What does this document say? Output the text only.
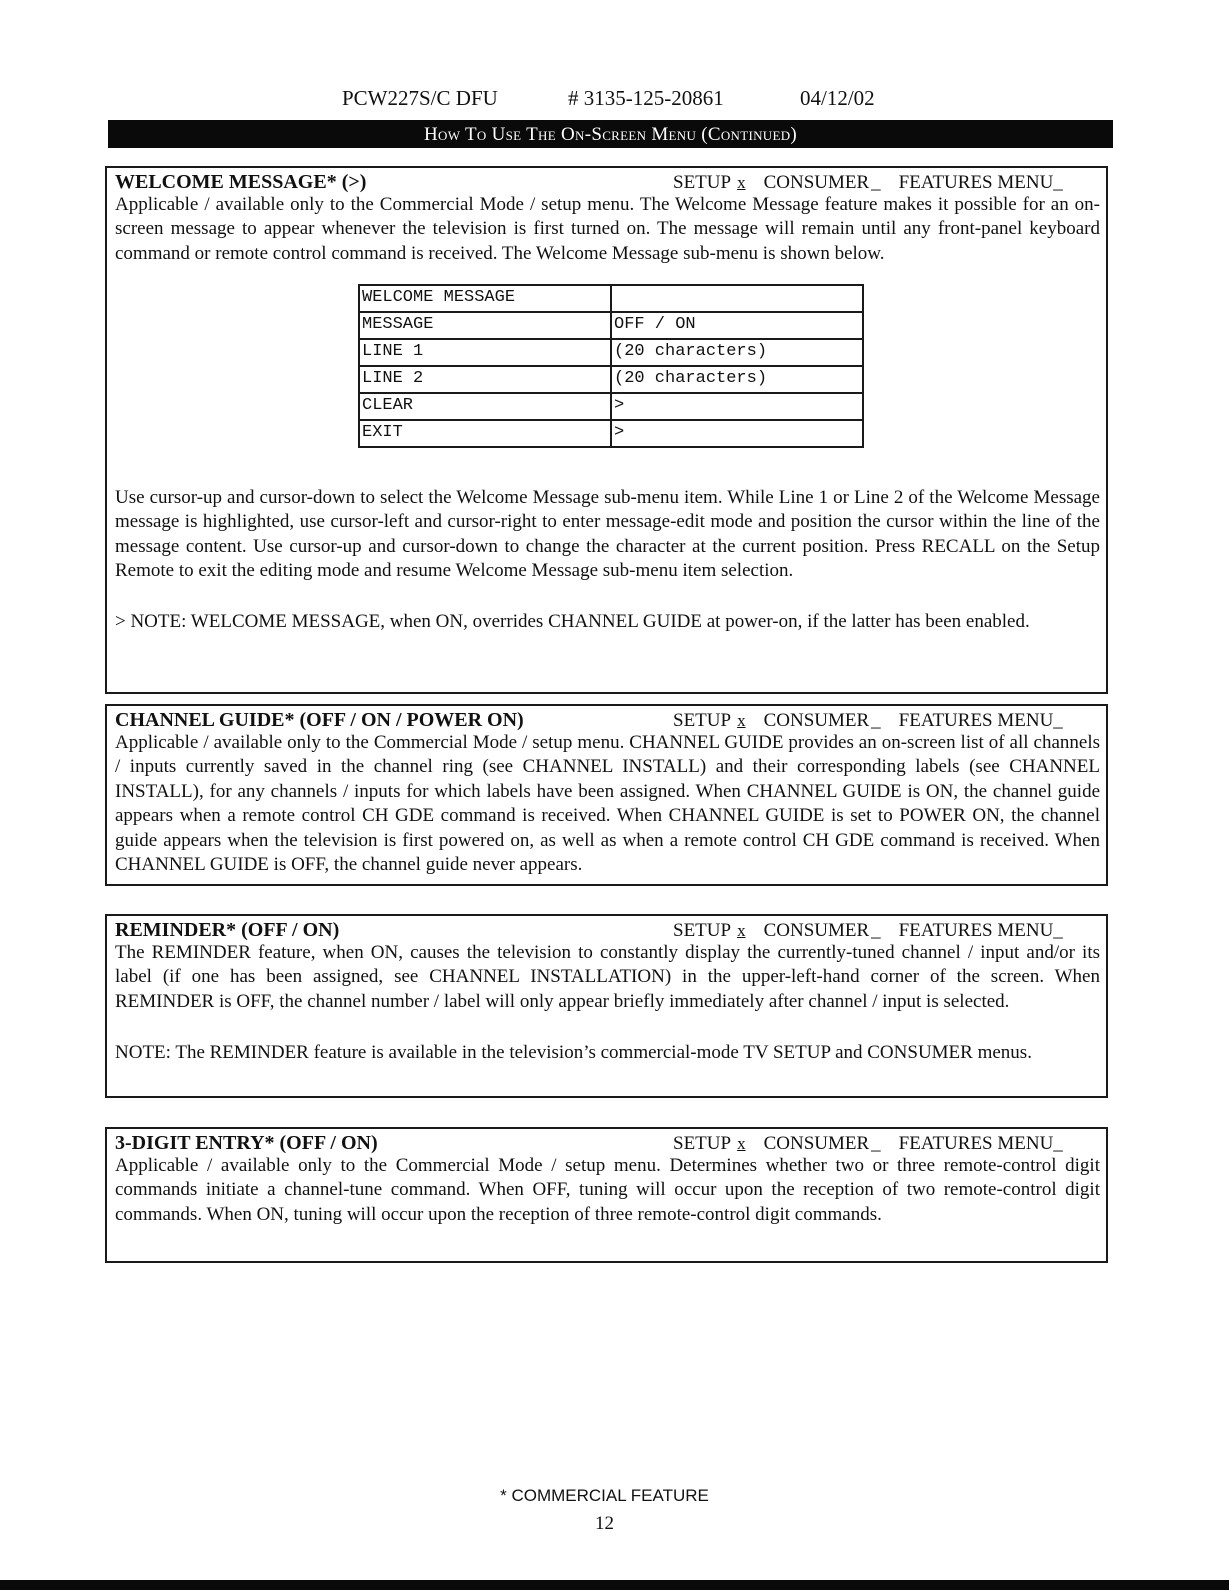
PCW227S/C DFU	# 3135-125-20861	04/12/02
How To Use The On-Screen Menu (Continued)
WELCOME MESSAGE* (>)	SETUP x CONSUMER _ FEATURES MENU_
Applicable / available only to the Commercial Mode / setup menu. The Welcome Message feature makes it possible for an on-screen message to appear whenever the television is first turned on. The message will remain until any front-panel keyboard command or remote control command is received. The Welcome Message sub-menu is shown below.
WELCOME MESSAGE	
MESSAGE	OFF / ON
LINE 1	(20 characters)
LINE 2	(20 characters)
CLEAR	>
EXIT	>
Use cursor-up and cursor-down to select the Welcome Message sub-menu item. While Line 1 or Line 2 of the Welcome Message message is highlighted, use cursor-left and cursor-right to enter message-edit mode and position the cursor within the line of the message content. Use cursor-up and cursor-down to change the character at the current position. Press RECALL on the Setup Remote to exit the editing mode and resume Welcome Message sub-menu item selection.
> NOTE: WELCOME MESSAGE, when ON, overrides CHANNEL GUIDE at power-on, if the latter has been enabled.
CHANNEL GUIDE* (OFF / ON / POWER ON)	SETUP x CONSUMER _ FEATURES MENU_
Applicable / available only to the Commercial Mode / setup menu. CHANNEL GUIDE provides an on-screen list of all channels / inputs currently saved in the channel ring (see CHANNEL INSTALL) and their corresponding labels (see CHANNEL INSTALL), for any channels / inputs for which labels have been assigned. When CHANNEL GUIDE is ON, the channel guide appears when a remote control CH GDE command is received. When CHANNEL GUIDE is set to POWER ON, the channel guide appears when the television is first powered on, as well as when a remote control CH GDE command is received. When CHANNEL GUIDE is OFF, the channel guide never appears.
REMINDER* (OFF / ON)	SETUP x CONSUMER _ FEATURES MENU_
The REMINDER feature, when ON, causes the television to constantly display the currently-tuned channel / input and/or its label (if one has been assigned, see CHANNEL INSTALLATION) in the upper-left-hand corner of the screen. When REMINDER is OFF, the channel number / label will only appear briefly immediately after channel / input is selected.
NOTE: The REMINDER feature is available in the television’s commercial-mode TV SETUP and CONSUMER menus.
3-DIGIT ENTRY* (OFF / ON)	SETUP x CONSUMER _ FEATURES MENU_
Applicable / available only to the Commercial Mode / setup menu. Determines whether two or three remote-control digit commands initiate a channel-tune command. When OFF, tuning will occur upon the reception of two remote-control digit commands. When ON, tuning will occur upon the reception of three remote-control digit commands.
* COMMERCIAL FEATURE
12
